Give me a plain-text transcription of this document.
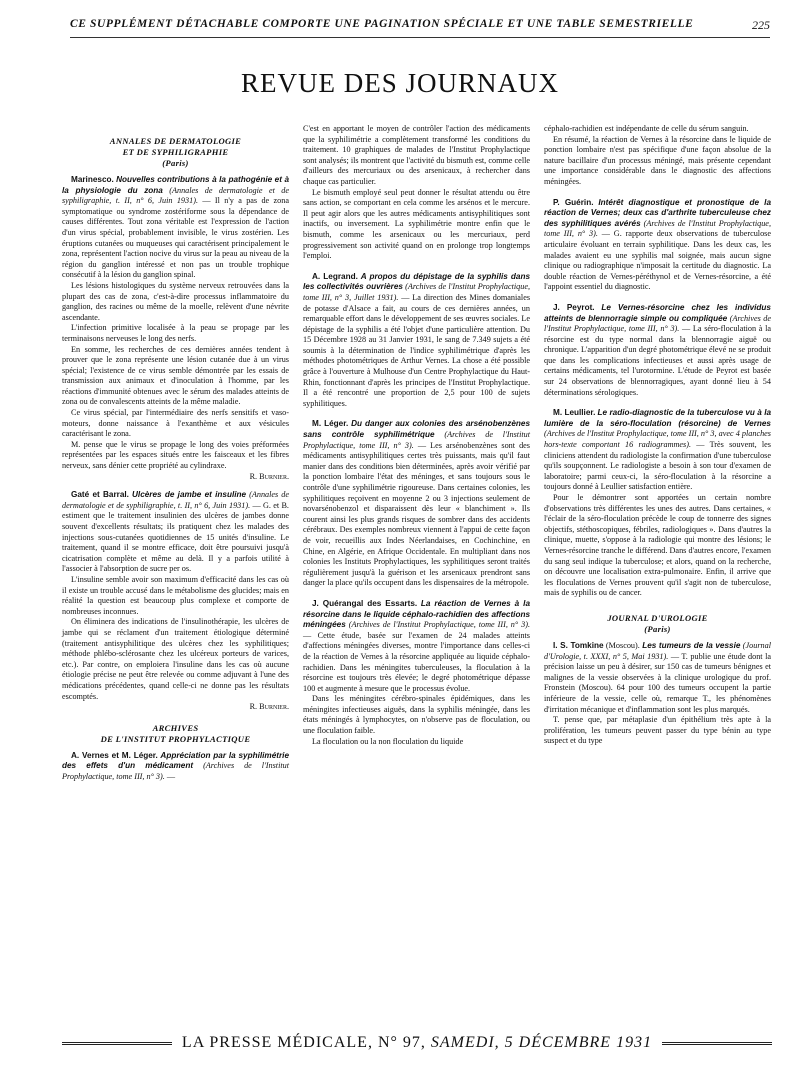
CE SUPPLÉMENT DÉTACHABLE COMPORTE UNE PAGINATION SPÉCIALE ET UNE TABLE SEMESTRIELLE	225
REVUE DES JOURNAUX
ANNALES DE DERMATOLOGIE
ET DE SYPHILIGRAPHIE
(Paris)

Marinesco. Nouvelles contributions à la pathogénie et à la physiologie du zona (Annales de dermatologie et de syphiligraphie, t. II, n° 6, Juin 1931). — Il n'y a pas de zona symptomatique ou syndrome zostériforme sous la dépendance de causes différentes. Tout zona véritable est l'expression de l'action d'un virus spécial, probablement invisible, le virus zostérien. Les éruptions cutanées ou muqueuses qui caractérisent principalement le zona, représentent l'action nocive du virus sur la peau au niveau de la région du ganglion intéressé et non pas un trouble trophique consécutif à la lésion du ganglion spinal.

Les lésions histologiques du système nerveux retrouvées dans la plupart des cas de zona, c'est-à-dire processus inflammatoire du ganglion, des racines ou même de la moelle, relèvent d'une névrite ascendante.

L'infection primitive localisée à la peau se propage par les terminaisons nerveuses le long des nerfs.

En somme, les recherches de ces dernières années tendent à prouver que le zona représente une lésion cutanée due à un virus spécial; l'existence de ce virus semble démontrée par les essais de transmission aux animaux et d'inoculation à l'homme, par les réactions d'immunité obtenues avec le sérum des malades atteints de zona ou de convalescents atteints de la même maladie.

Ce virus spécial, par l'intermédiaire des nerfs sensitifs et vaso-moteurs, donne naissance à l'exanthème et aux vésicules caractérisant le zona.

M. pense que le virus se propage le long des voies préformées représentées par les espaces situés entre les faisceaux et les fibres nerveux, sans dénier cette propriété au cylindraxe.

R. Burnier.

Gaté et Barral. Ulcères de jambe et insuline (Annales de dermatologie et de syphiligraphie, t. II, n° 6, Juin 1931). — G. et B. estiment que le traitement insulinien des ulcères de jambes donne souvent d'excellents résultats; ils pratiquent chez les malades des injections sous-cutanées quotidiennes de 15 unités d'insuline. Le traitement, quand il se montre efficace, doit être poursuivi jusqu'à cicatrisation complète et même au delà. Il y a parfois utilité à l'associer à l'absorption de sucre per os.

L'insuline semble avoir son maximum d'efficacité dans les cas où il existe un trouble accusé dans le métabolisme des glucides; mais en réalité la question est beaucoup plus complexe et comporte de nombreuses inconnues.

On éliminera des indications de l'insulinothérapie, les ulcères de jambe qui se réclament d'un traitement étiologique déterminé (traitement antisyphilitique des ulcères chez les syphilitiques; méthode phlébo-sclérosante chez les ulcéreux porteurs de varices, etc.). Par contre, on emploiera l'insuline dans les cas où aucune étiologie précise ne peut être relevée ou comme adjuvant à l'une des médications précédentes, quand celle-ci ne donne pas les résultats escomptés.

R. Burnier.
ARCHIVES
DE L'INSTITUT PROPHYLACTIQUE

A. Vernes et M. Léger. Appréciation par la syphilimétrie des effets d'un médicament (Archives de l'Institut Prophylactique, tome III, n° 3). —

C'est en apportant le moyen de contrôler l'action des médicaments que la syphilimétrie a complètement transformé les conditions du traitement. 10 graphiques de malades de l'Institut Prophylactique sont analysés; ils montrent que l'activité du bismuth est, comme celle d'ailleurs des mercuriaux ou des arsenicaux, à rechercher dans chaque cas particulier.

Le bismuth employé seul peut donner le résultat attendu ou être sans action, se comportant en cela comme les arsénos et le mercure. Il peut agir alors que les autres médicaments antisyphilitiques sont inactifs, ou inversement. La syphilimétrie montre enfin que le bismuth, comme les arsenicaux ou les mercuriaux, perd progressivement son activité quand on en prolonge trop longtemps l'emploi.

A. Legrand. A propos du dépistage de la syphilis dans les collectivités ouvrières (Archives de l'Institut Prophylactique, tome III, n° 3, Juillet 1931). — La direction des Mines domaniales de potasse d'Alsace a fait, au cours de ces dernières années, un remarquable effort dans le développement de ses œuvres sociales. Le dépistage de la syphilis a été l'objet d'une particulière attention. Du 15 Décembre 1928 au 31 Janvier 1931, le sang de 7.349 sujets a été soumis à la détermination de l'indice syphilimétrique d'après les méthodes photométriques de Arthur Vernes. La chose a été possible grâce à l'ouverture à Mulhouse d'un Centre Prophylactique du Haut-Rhin, fonctionnant d'après les principes de l'Institut Prophylactique. Il a été rencontré une proportion de 2,5 pour 100 de sujets syphilitiques.

M. Léger. Du danger aux colonies des arsénobenzènes sans contrôle syphilimétrique (Archives de l'Institut Prophylactique, tome III, n° 3). — Les arsénobenzènes sont des médicaments antisyphilitiques certes très puissants, mais qu'il faut manier dans des conditions bien déterminées, après avoir vérifié par la ponction lombaire l'état des méninges, et sans toujours sous le contrôle d'une syphilimétrie rigoureuse. Dans certaines colonies, les syphilitiques reçoivent en moyenne 2 ou 3 injections seulement de novarsénobenzol et disparaissent dès leur « blanchiment ». Ils courent ainsi les plus grands risques de sombrer dans des accidents cérébraux. Des exemples nombreux viennent à l'appui de cette façon de voir, recueillis aux Indes Néerlandaises, en Cochinchine, en Chine, en Algérie, en Afrique Occidentale. En multipliant dans nos colonies les Instituts Prophylactiques, les syphilitiques seront traités régulièrement jusqu'à la guérison et les arsenicaux prendront sans danger la place qu'ils occupent dans les dispensaires de la métropole.

J. Quérangal des Essarts. La réaction de Vernes à la résorcine dans le liquide céphalo-rachidien des affections méningées (Archives de l'Institut Prophylactique, tome III, n° 3). — Cette étude, basée sur l'examen de 24 malades atteints d'affections méningées diverses, montre l'importance dans celles-ci de la réaction de Vernes à la résorcine appliquée au liquide céphalo-rachidien. Dans les méningites tuberculeuses, la floculation à la résorcine est toujours très élevée; le degré photométrique dépasse 100 et augmente à mesure que le processus évolue.

Dans les méningites cérébro-spinales épidémiques, dans les méningites infectieuses aiguës, dans la syphilis méningée, dans les états méningés à lymphocytes, on n'observe pas de floculation, ou une floculation faible.

La floculation ou la non floculation du liquide

céphalo-rachidien est indépendante de celle du sérum sanguin.

En résumé, la réaction de Vernes à la résorcine dans le liquide de ponction lombaire n'est pas spécifique d'une façon absolue de la nature bacillaire d'un processus méningé, mais présente cependant une importance considérable dans le diagnostic des affections méningées.

P. Guérin. Intérêt diagnostique et pronostique de la réaction de Vernes; deux cas d'arthrite tuberculeuse chez des syphilitiques avérés (Archives de l'Institut Prophylactique, tome III, n° 3). — G. rapporte deux observations de tuberculose articulaire évoluant en terrain syphilitique. Dans les deux cas, les malades avaient eu une syphilis mal soignée, mais aucun signe clinique ou radiographique n'imposait la certitude du diagnostic. La double réaction de Vernes-péréthynol et de Vernes-résorcine, a été l'appoint essentiel du diagnostic.

J. Peyrot. Le Vernes-résorcine chez les individus atteints de blennorragie simple ou compliquée (Archives de l'Institut Prophylactique, tome III, n° 3). — La séro-floculation à la résorcine est du type normal dans la blennorragie aiguë ou chronique. L'apparition d'un degré photométrique élevé ne se produit que dans les complications infectieuses et aussi après usage de certains médicaments, tel l'urotormine. L'étude de Peyrot est basée sur 24 observations de blennorragiques, ayant donné lieu à 54 déterminations sérologiques.

M. Leullier. Le radio-diagnostic de la tuberculose vu à la lumière de la séro-floculation (résorcine) de Vernes (Archives de l'Institut Prophylactique, tome III, n° 3, avec 4 planches hors-texte comportant 16 radiogrammes). — Très souvent, les cliniciens attendent du radiologiste la confirmation d'une tuberculose qu'ils soupçonnent. Le radiologiste a besoin à son tour d'examen de laboratoire; parmi ceux-ci, la séro-floculation à la résorcine a toujours donné à Leullier satisfaction entière.

Pour le démontrer sont apportées un certain nombre d'observations très différentes les unes des autres. Dans certaines, « l'éclair de la séro-floculation précède le coup de tonnerre des signes objectifs, stéthoscopiques, fébriles, radiologiques ». Dans d'autres la clinique, muette, s'oppose à la radiologie qui montre des lésions; le Vernes-résorcine tranche le différend. Dans d'autres encore, l'examen du sang seul indique la tuberculose; et alors, quand on la recherche, on découvre une localisation extra-pulmonaire. Enfin, il arrive que les floculations de Vernes prouvent qu'il s'agit non de tuberculose, mais de syphilis ou de cancer.

JOURNAL D'UROLOGIE
(Paris)

I. S. Tomkine (Moscou). Les tumeurs de la vessie (Journal d'Urologie, t. XXXI, n° 5, Mai 1931). — T. publie une étude dont la précision laisse un peu à désirer, sur 150 cas de tumeurs bénignes et malignes de la vessie observées à la clinique urologique du prof. Fronstein (Moscou). 64 pour 100 des tumeurs occupent la partie inférieure de la vessie, celle où, remarque T., les phénomènes d'irritation mécanique et d'inflammation sont les plus marqués.

T. pense que, par métaplasie d'un épithélium très apte à la prolifération, les tumeurs peuvent passer du type bénin au type suspect et du type

LA PRESSE MÉDICALE, N° 97, SAMEDI, 5 DÉCEMBRE 1931
